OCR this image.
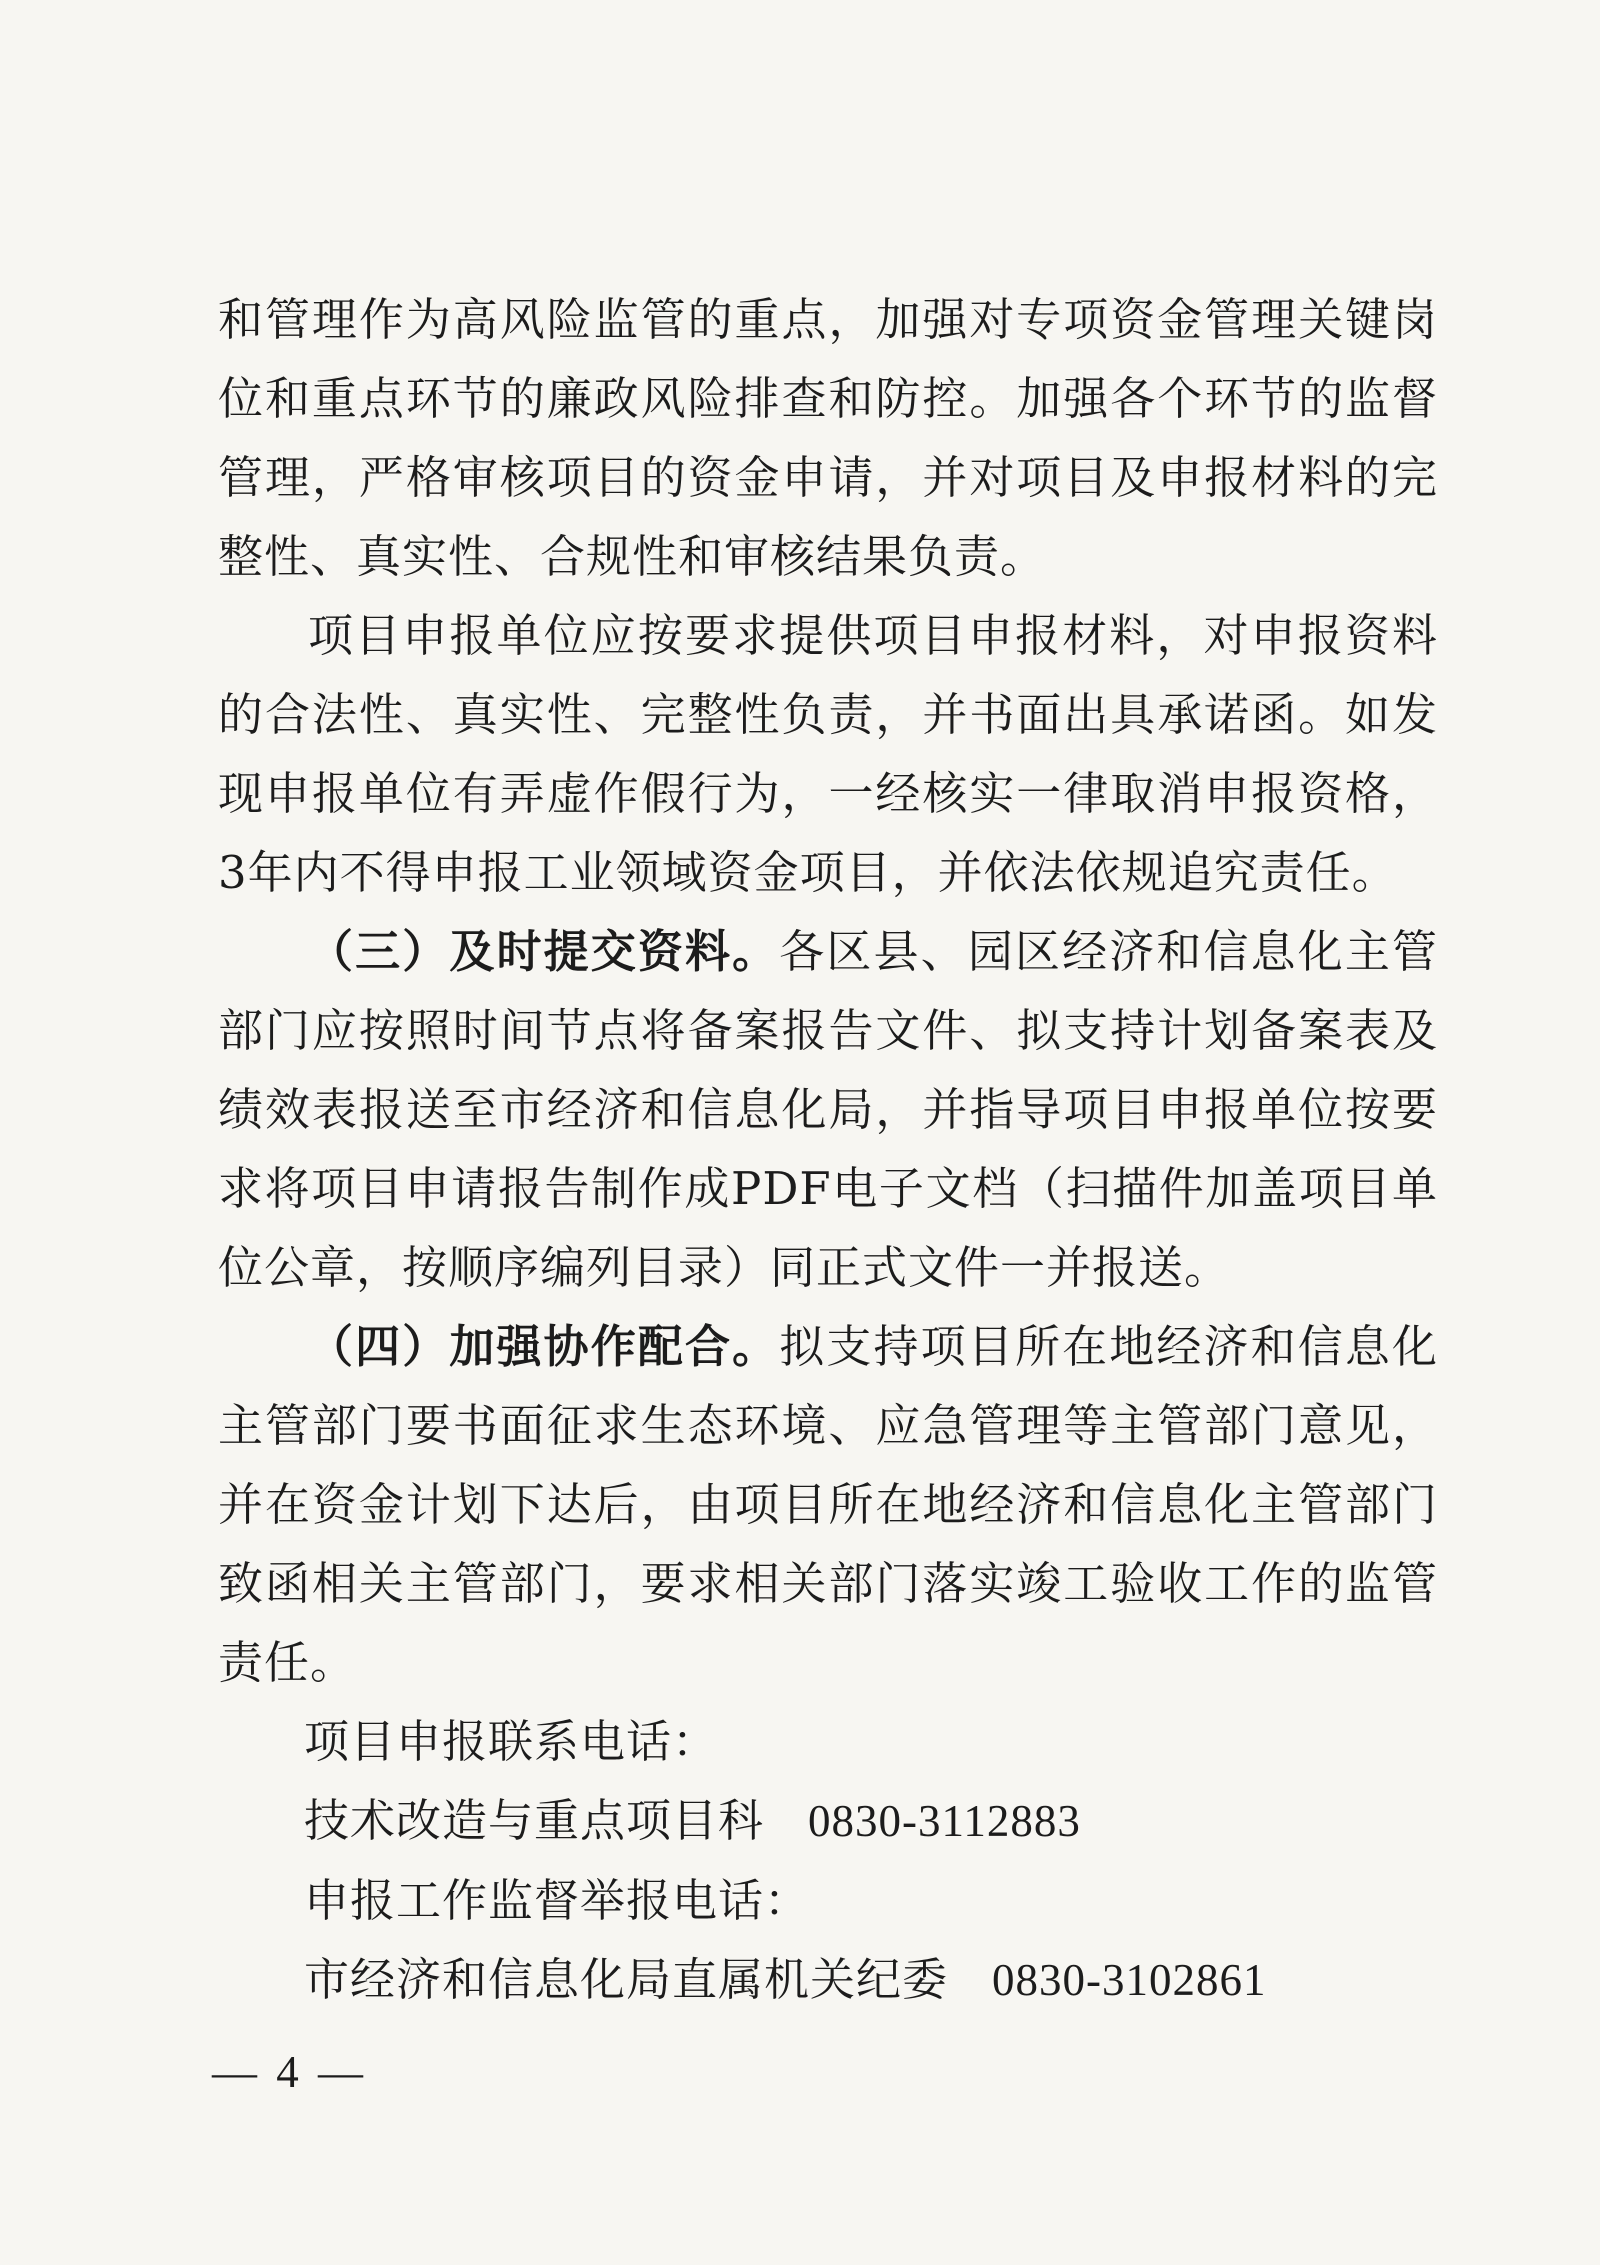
和管理作为高风险监管的重点，加强对专项资金管理关键岗位和重点环节的廉政风险排查和防控。加强各个环节的监督管理，严格审核项目的资金申请，并对项目及申报材料的完整性、真实性、合规性和审核结果负责。

项目申报单位应按要求提供项目申报材料，对申报资料的合法性、真实性、完整性负责，并书面出具承诺函。如发现申报单位有弄虚作假行为，一经核实一律取消申报资格，3年内不得申报工业领域资金项目，并依法依规追究责任。

（三）及时提交资料。各区县、园区经济和信息化主管部门应按照时间节点将备案报告文件、拟支持计划备案表及绩效表报送至市经济和信息化局，并指导项目申报单位按要求将项目申请报告制作成PDF电子文档（扫描件加盖项目单位公章，按顺序编列目录）同正式文件一并报送。

（四）加强协作配合。拟支持项目所在地经济和信息化主管部门要书面征求生态环境、应急管理等主管部门意见，并在资金计划下达后，由项目所在地经济和信息化主管部门致函相关主管部门，要求相关部门落实竣工验收工作的监管责任。

项目申报联系电话：

技术改造与重点项目科 0830-3112883

申报工作监督举报电话：

市经济和信息化局直属机关纪委 0830-3102861

— 4 —
